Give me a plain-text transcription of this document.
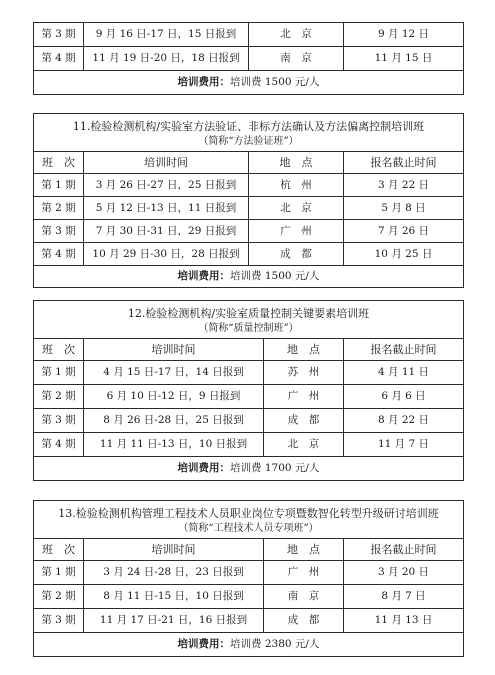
第 3 期	9 月 16 日-17 日，15 日报到	北　京	9 月 12 日
第 4 期	11 月 19 日-20 日，18 日报到	南　京	11 月 15 日
培训费用：培训费 1500 元/人			
11.检验检测机构/实验室方法验证、非标方法确认及方法偏离控制培训班
（简称“方法验证班”）			

班　次	培训时间	地　点	报名截止时间
第 1 期	3 月 26 日-27 日，25 日报到	杭　州	3 月 22 日
第 2 期	5 月 12 日-13 日，11 日报到	北　京	5 月 8 日
第 3 期	7 月 30 日-31 日，29 日报到	广　州	7 月 26 日
第 4 期	10 月 29 日-30 日，28 日报到	成　都	10 月 25 日
培训费用：培训费 1500 元/人			
12.检验检测机构/实验室质量控制关键要素培训班
（简称“质量控制班”）			

班　次	培训时间	地　点	报名截止时间
第 1 期	4 月 15 日-17 日，14 日报到	苏　州	4 月 11 日
第 2 期	6 月 10 日-12 日，9 日报到	广　州	6 月 6 日
第 3 期	8 月 26 日-28 日，25 日报到	成　都	8 月 22 日
第 4 期	11 月 11 日-13 日，10 日报到	北　京	11 月 7 日
培训费用：培训费 1700 元/人			
13.检验检测机构管理工程技术人员职业岗位专项暨数智化转型升级研讨培训班
（简称“工程技术人员专项班”）			

班　次	培训时间	地　点	报名截止时间
第 1 期	3 月 24 日-28 日，23 日报到	广　州	3 月 20 日
第 2 期	8 月 11 日-15 日，10 日报到	南　京	8 月 7 日
第 3 期	11 月 17 日-21 日，16 日报到	成　都	11 月 13 日
培训费用：培训费 2380 元/人			
